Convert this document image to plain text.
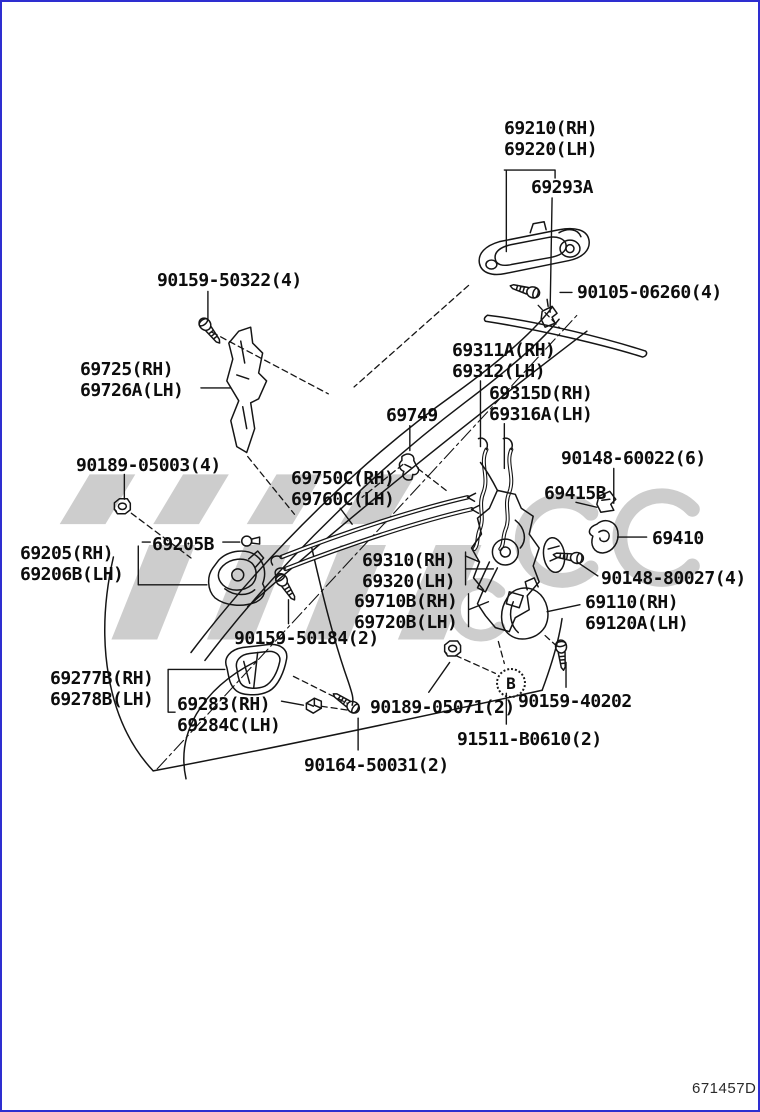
69210(RH)
69220(LH)
69293A
90159-50322(4)
90105-06260(4)
69725(RH)
69726A(LH)
69311A(RH)
69312(LH)
69315D(RH)
69316A(LH)
69749
90148-60022(6)
90189-05003(4)
69750C(RH)
69760C(LH)	69415B
69205B	69410
69205(RH)
69206B(LH)
69310(RH)
69320(LH)	90148-80027(4)
69710B(RH)
69720B(LH)
69110(RH)
69120A(LH)
90159-50184(2)
69277B(RH)
69278B(LH) 69283(RH)
69284C(LH)
90189-05071(2) 90159-40202
91511-B0610(2)
90164-50031(2)
B
671457D
